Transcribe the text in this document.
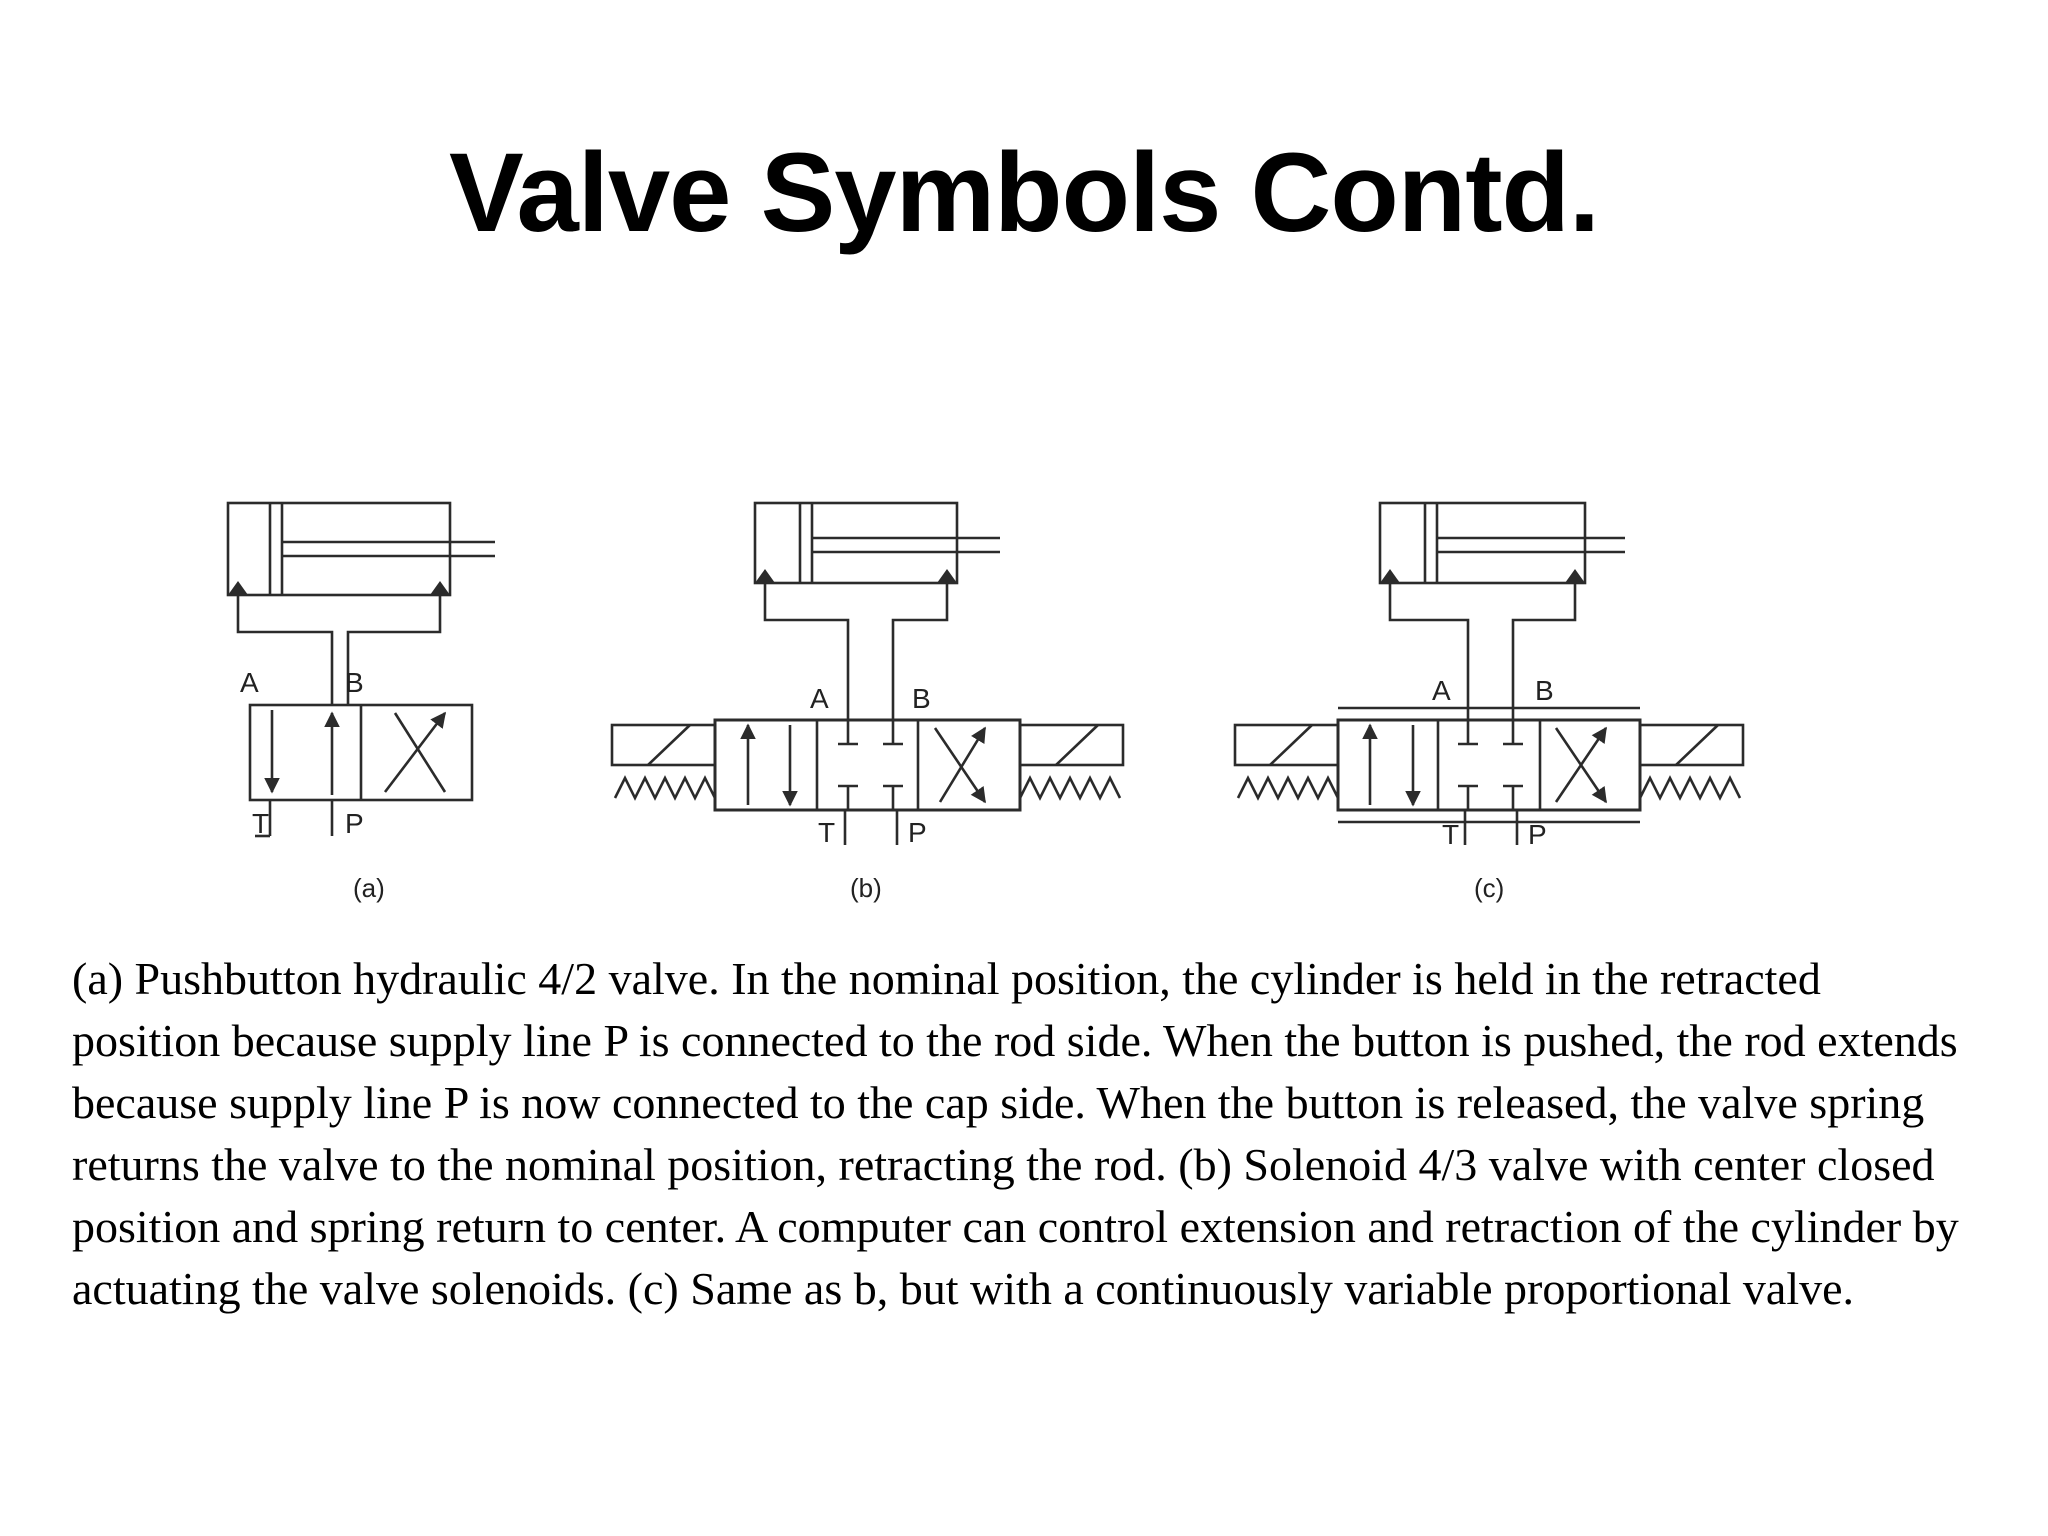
Valve Symbols Contd.
A	B
T	P
(a)
A	B
T	P
(b)
A	B
T P
(c)
(a) Pushbutton hydraulic 4/2 valve. In the nominal position, the cylinder is held in the retracted position because supply line P is connected to the rod side. When the button is pushed, the rod extends because supply line P is now connected to the cap side. When the button is released, the valve spring returns the valve to the nominal position, retracting the rod. (b) Solenoid 4/3 valve with center closed position and spring return to center. A computer can control extension and retraction of the cylinder by actuating the valve solenoids. (c) Same as b, but with a continuously variable proportional valve.
